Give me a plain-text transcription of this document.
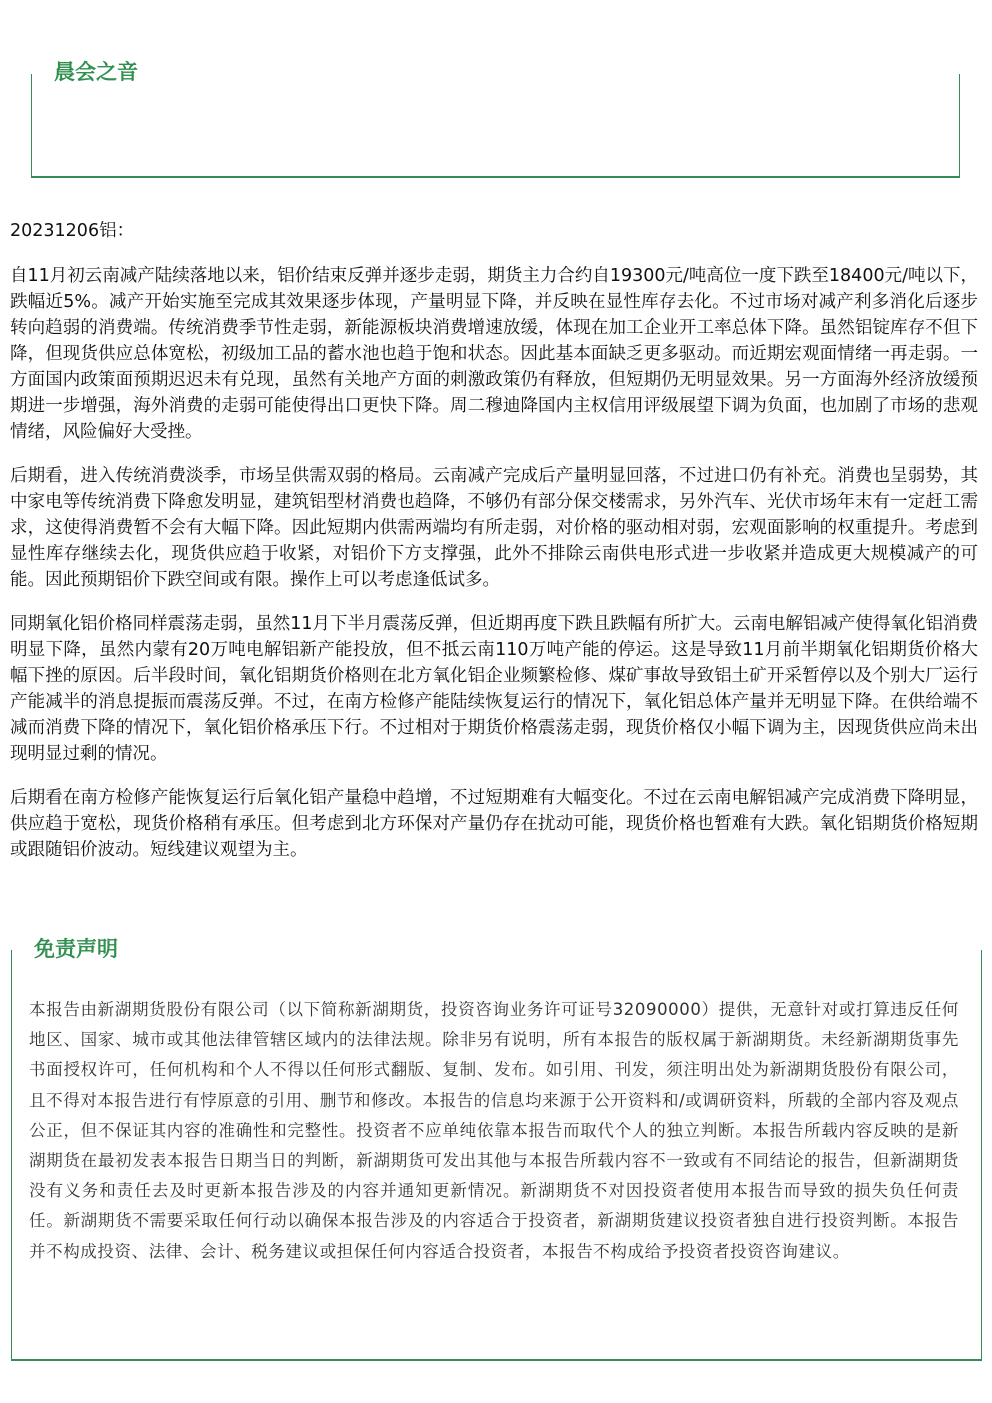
晨会之音
20231206铝：

自11月初云南减产陆续落地以来，铝价结束反弹并逐步走弱，期货主力合约自19300元/吨高位一度下跌至18400元/吨以下，跌幅近5%。减产开始实施至完成其效果逐步体现，产量明显下降，并反映在显性库存去化。不过市场对减产利多消化后逐步转向趋弱的消费端。传统消费季节性走弱，新能源板块消费增速放缓，体现在加工企业开工率总体下降。虽然铝锭库存不但下降，但现货供应总体宽松，初级加工品的蓄水池也趋于饱和状态。因此基本面缺乏更多驱动。而近期宏观面情绪一再走弱。一方面国内政策面预期迟迟未有兑现，虽然有关地产方面的刺激政策仍有释放，但短期仍无明显效果。另一方面海外经济放缓预期进一步增强，海外消费的走弱可能使得出口更快下降。周二穆迪降国内主权信用评级展望下调为负面，也加剧了市场的悲观情绪，风险偏好大受挫。

后期看，进入传统消费淡季，市场呈供需双弱的格局。云南减产完成后产量明显回落，不过进口仍有补充。消费也呈弱势，其中家电等传统消费下降愈发明显，建筑铝型材消费也趋降，不够仍有部分保交楼需求，另外汽车、光伏市场年末有一定赶工需求，这使得消费暂不会有大幅下降。因此短期内供需两端均有所走弱，对价格的驱动相对弱，宏观面影响的权重提升。考虑到显性库存继续去化，现货供应趋于收紧，对铝价下方支撑强，此外不排除云南供电形式进一步收紧并造成更大规模减产的可能。因此预期铝价下跌空间或有限。操作上可以考虑逢低试多。

同期氧化铝价格同样震荡走弱，虽然11月下半月震荡反弹，但近期再度下跌且跌幅有所扩大。云南电解铝减产使得氧化铝消费明显下降，虽然内蒙有20万吨电解铝新产能投放，但不抵云南110万吨产能的停运。这是导致11月前半期氧化铝期货价格大幅下挫的原因。后半段时间，氧化铝期货价格则在北方氧化铝企业频繁检修、煤矿事故导致铝土矿开采暂停以及个别大厂运行产能减半的消息提振而震荡反弹。不过，在南方检修产能陆续恢复运行的情况下，氧化铝总体产量并无明显下降。在供给端不减而消费下降的情况下，氧化铝价格承压下行。不过相对于期货价格震荡走弱，现货价格仅小幅下调为主，因现货供应尚未出现明显过剩的情况。

后期看在南方检修产能恢复运行后氧化铝产量稳中趋增，不过短期难有大幅变化。不过在云南电解铝减产完成消费下降明显，供应趋于宽松，现货价格稍有承压。但考虑到北方环保对产量仍存在扰动可能，现货价格也暂难有大跌。氧化铝期货价格短期或跟随铝价波动。短线建议观望为主。

免责声明
本报告由新湖期货股份有限公司（以下简称新湖期货，投资咨询业务许可证号32090000）提供，无意针对或打算违反任何地区、国家、城市或其他法律管辖区域内的法律法规。除非另有说明，所有本报告的版权属于新湖期货。未经新湖期货事先书面授权许可，任何机构和个人不得以任何形式翻版、复制、发布。如引用、刊发，须注明出处为新湖期货股份有限公司，且不得对本报告进行有悖原意的引用、删节和修改。本报告的信息均来源于公开资料和/或调研资料，所载的全部内容及观点公正，但不保证其内容的准确性和完整性。投资者不应单纯依靠本报告而取代个人的独立判断。本报告所载内容反映的是新湖期货在最初发表本报告日期当日的判断，新湖期货可发出其他与本报告所载内容不一致或有不同结论的报告，但新湖期货没有义务和责任去及时更新本报告涉及的内容并通知更新情况。新湖期货不对因投资者使用本报告而导致的损失负任何责任。新湖期货不需要采取任何行动以确保本报告涉及的内容适合于投资者，新湖期货建议投资者独自进行投资判断。本报告并不构成投资、法律、会计、税务建议或担保任何内容适合投资者，本报告不构成给予投资者投资咨询建议。
